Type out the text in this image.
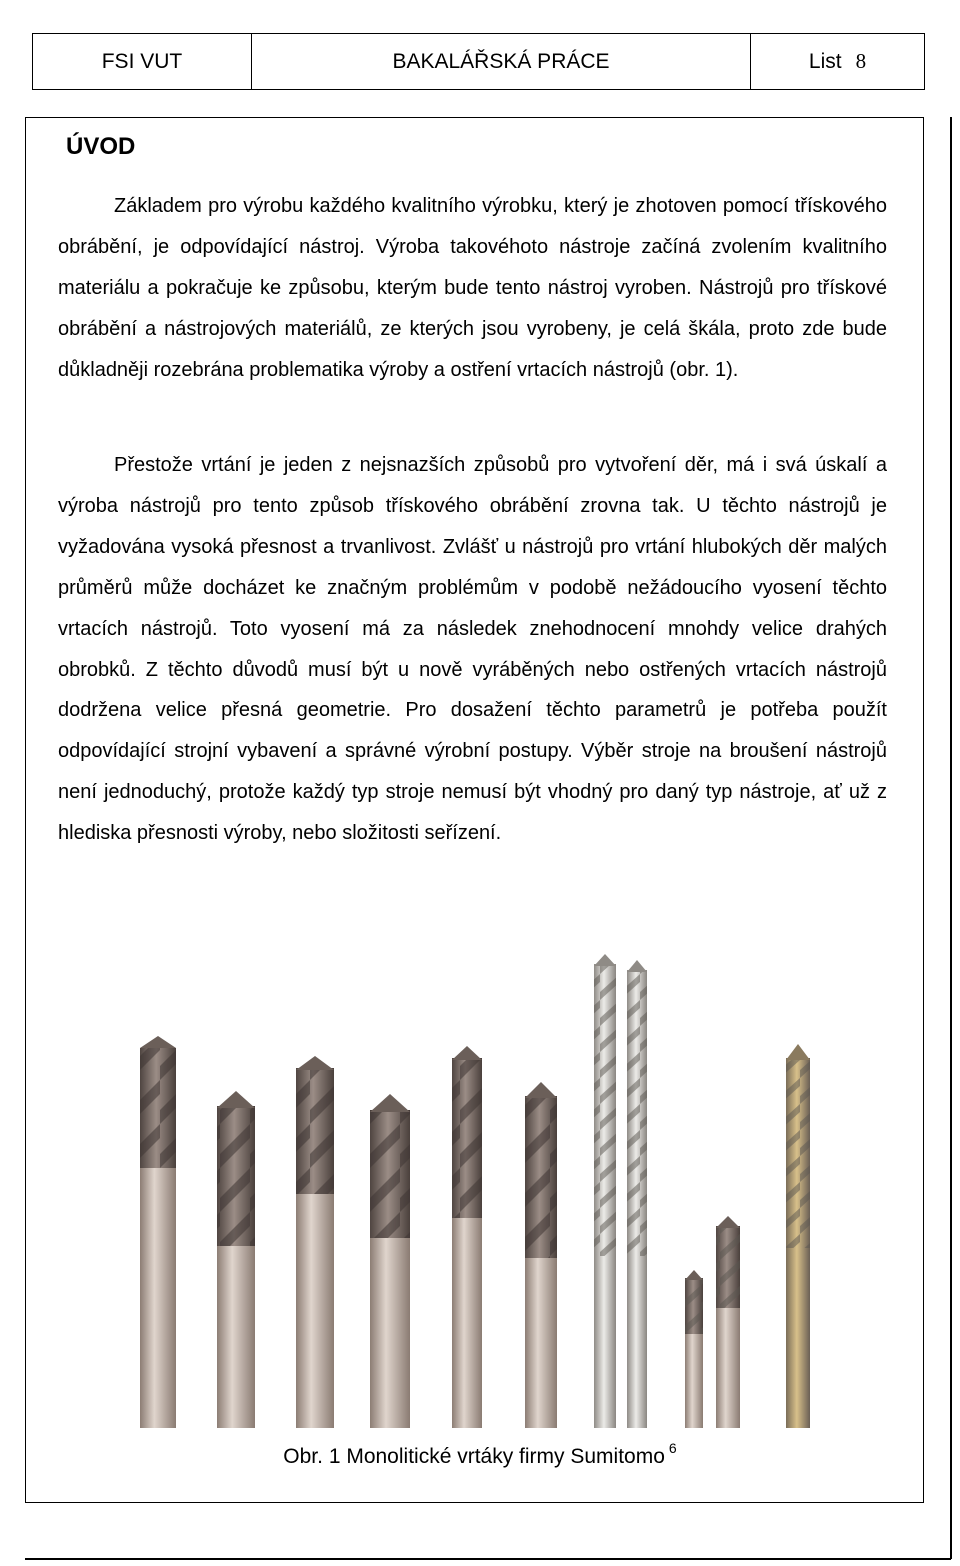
FSI VUT	BAKALÁŘSKÁ PRÁCE	List 8
ÚVOD

Základem pro výrobu každého kvalitního výrobku, který je zhotoven pomocí třískového obrábění, je odpovídající nástroj. Výroba takovéhoto nástroje začíná zvolením kvalitního materiálu a pokračuje ke způsobu, kterým bude tento nástroj vyroben. Nástrojů pro třískové obrábění a nástrojových materiálů, ze kterých jsou vyrobeny, je celá škála, proto zde bude důkladněji rozebrána problematika výroby a ostření vrtacích nástrojů (obr. 1).

Přestože vrtání je jeden z nejsnazších způsobů pro vytvoření děr, má i svá úskalí a výroba nástrojů pro tento způsob třískového obrábění zrovna tak. U těchto nástrojů je vyžadována vysoká přesnost a trvanlivost. Zvlášť u nástrojů pro vrtání hlubokých děr malých průměrů může docházet ke značným problémům v podobě nežádoucího vyosení těchto vrtacích nástrojů. Toto vyosení má za následek znehodnocení mnohdy velice drahých obrobků. Z těchto důvodů musí být u nově vyráběných nebo ostřených vrtacích nástrojů dodržena velice přesná geometrie. Pro dosažení těchto parametrů je potřeba použít odpovídající strojní vybavení a správné výrobní postupy. Výběr stroje na broušení nástrojů není jednoduchý, protože každý typ stroje nemusí být vhodný pro daný typ nástroje, ať už z hlediska přesnosti výroby, nebo složitosti seřízení.

Obr. 1 Monolitické vrtáky firmy Sumitomo $^6$
